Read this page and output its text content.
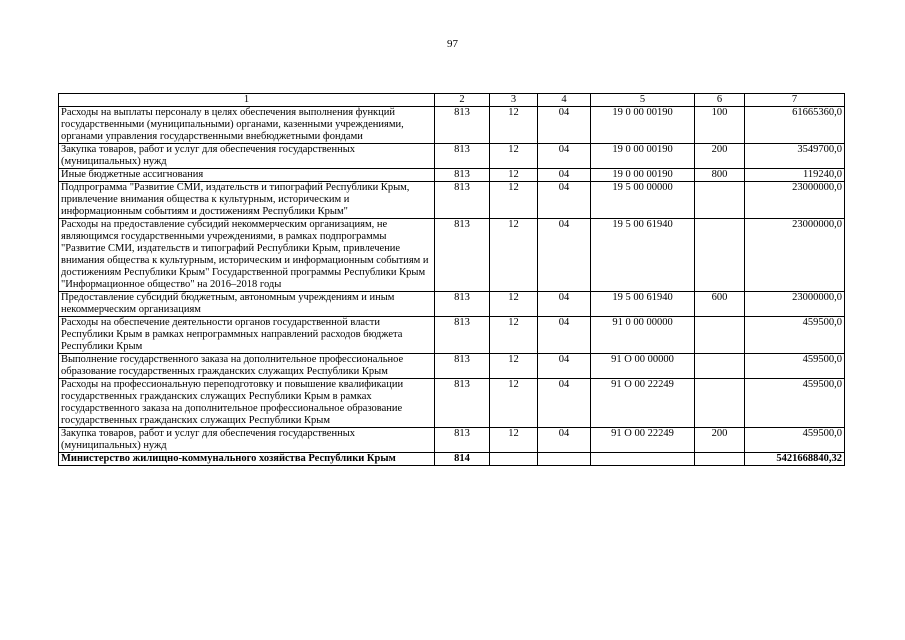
97
1	2	3	4	5	6	7
Расходы на выплаты персоналу в целях обеспечения выполнения функций государственными (муниципальными) органами, казенными учреждениями, органами управления государственными внебюджетными фондами	813	12	04	19 0 00 00190	100	61665360,0
Закупка товаров, работ и услуг для обеспечения государственных (муниципальных) нужд	813	12	04	19 0 00 00190	200	3549700,0
Иные бюджетные ассигнования	813	12	04	19 0 00 00190	800	119240,0
Подпрограмма "Развитие СМИ, издательств и типографий Республики Крым, привлечение внимания общества к культурным, историческим и информационным событиям и достижениям Республики Крым"	813	12	04	19 5 00 00000		23000000,0
Расходы на предоставление субсидий некоммерческим организациям, не являющимся государственными учреждениями, в рамках подпрограммы "Развитие СМИ, издательств и типографий Республики Крым, привлечение внимания общества к культурным, историческим и информационным событиям и достижениям Республики Крым" Государственной программы Республики Крым "Информационное общество" на 2016–2018 годы	813	12	04	19 5 00 61940		23000000,0
Предоставление субсидий бюджетным, автономным учреждениям и иным некоммерческим организациям	813	12	04	19 5 00 61940	600	23000000,0
Расходы на обеспечение деятельности органов государственной власти Республики Крым в рамках непрограммных направлений расходов бюджета Республики Крым	813	12	04	91 0 00 00000		459500,0
Выполнение государственного заказа на дополнительное профессиональное образование государственных гражданских служащих Республики Крым	813	12	04	91 О 00 00000		459500,0
Расходы на профессиональную переподготовку и повышение квалификации государственных гражданских служащих Республики Крым в рамках государственного заказа на дополнительное профессиональное образование государственных гражданских служащих Республики Крым	813	12	04	91 О 00 22249		459500,0
Закупка товаров, работ и услуг для обеспечения государственных (муниципальных) нужд	813	12	04	91 О 00 22249	200	459500,0
Министерство жилищно-коммунального хозяйства Республики Крым	814					5421668840,32
